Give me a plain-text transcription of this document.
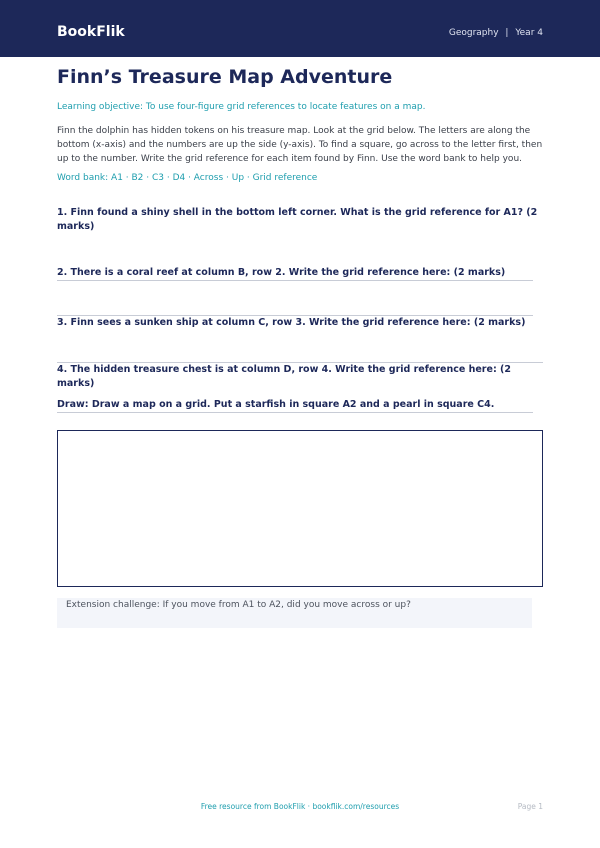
BookFlik	Geography | Year 4
Finn’s Treasure Map Adventure
Learning objective: To use four-figure grid references to locate features on a map.
Finn the dolphin has hidden tokens on his treasure map. Look at the grid below. The letters are along the bottom (x-axis) and the numbers are up the side (y-axis). To find a square, go across to the letter first, then up to the number. Write the grid reference for each item found by Finn. Use the word bank to help you.
Word bank: A1 · B2 · C3 · D4 · Across · Up · Grid reference
1. Finn found a shiny shell in the bottom left corner. What is the grid reference for A1? (2 marks)
2. There is a coral reef at column B, row 2. Write the grid reference here: (2 marks)
3. Finn sees a sunken ship at column C, row 3. Write the grid reference here: (2 marks)
4. The hidden treasure chest is at column D, row 4. Write the grid reference here: (2 marks)
Draw: Draw a map on a grid. Put a starfish in square A2 and a pearl in square C4.
Extension challenge: If you move from A1 to A2, did you move across or up?
Free resource from BookFlik · bookflik.com/resources	Page 1
